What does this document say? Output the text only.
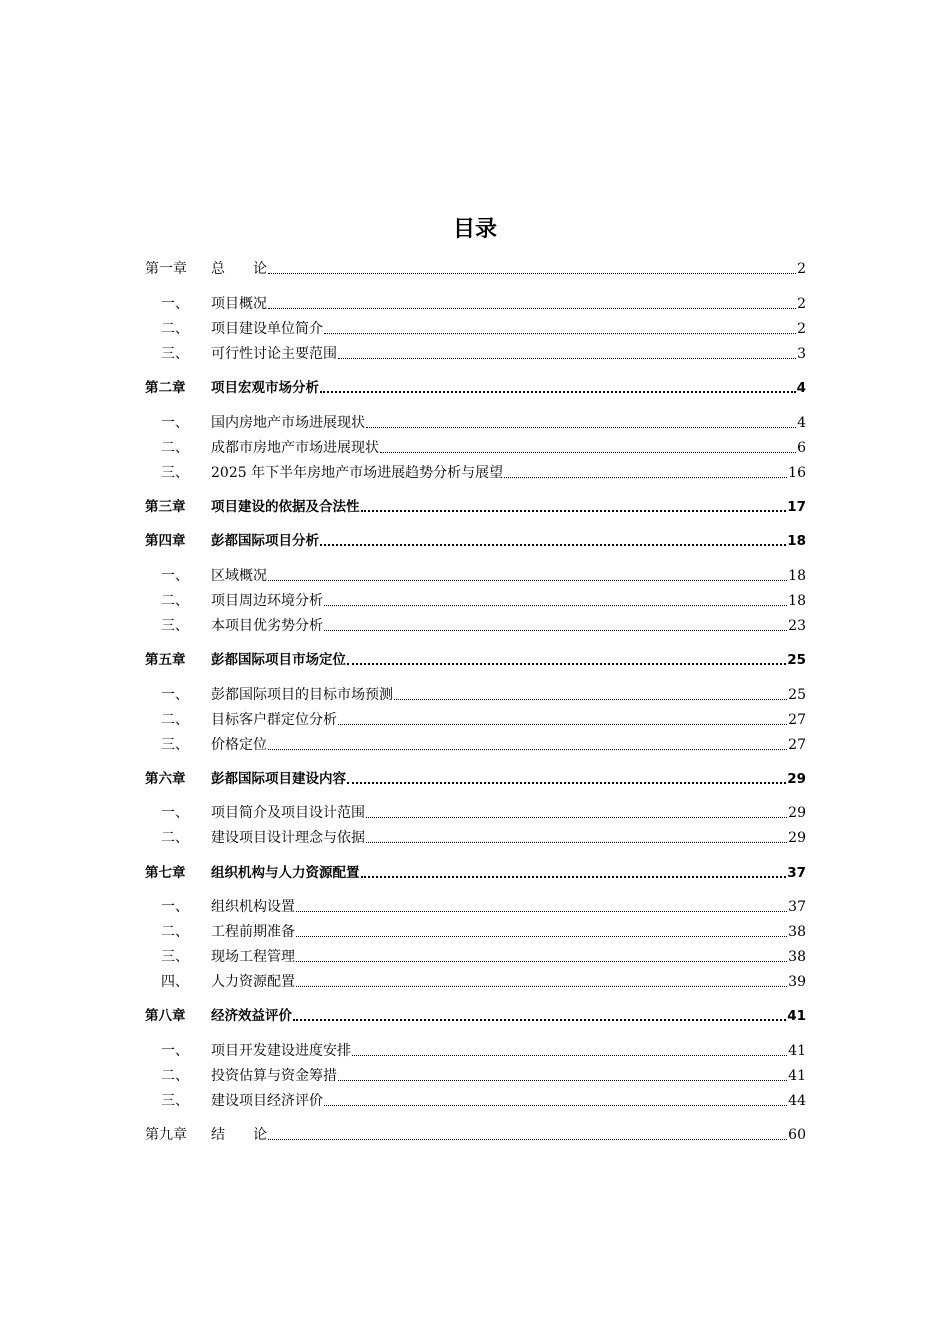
目录
第一章	总　　论	2
一、	项目概况	2
二、	项目建设单位简介	2
三、	可行性讨论主要范围	3
第二章	项目宏观市场分析	4
一、	国内房地产市场进展现状	4
二、	成都市房地产市场进展现状	6
三、	2025 年下半年房地产市场进展趋势分析与展望	16
第三章	项目建设的依据及合法性	17
第四章	彭都国际项目分析	18
一、	区域概况	18
二、	项目周边环境分析	18
三、	本项目优劣势分析	23
第五章	彭都国际项目市场定位	25
一、	彭都国际项目的目标市场预测	25
二、	目标客户群定位分析	27
三、	价格定位	27
第六章	彭都国际项目建设内容	29
一、	项目简介及项目设计范围	29
二、	建设项目设计理念与依据	29
第七章	组织机构与人力资源配置	37
一、	组织机构设置	37
二、	工程前期准备	38
三、	现场工程管理	38
四、	人力资源配置	39
第八章	经济效益评价	41
一、	项目开发建设进度安排	41
二、	投资估算与资金筹措	41
三、	建设项目经济评价	44
第九章	结　　论	60
